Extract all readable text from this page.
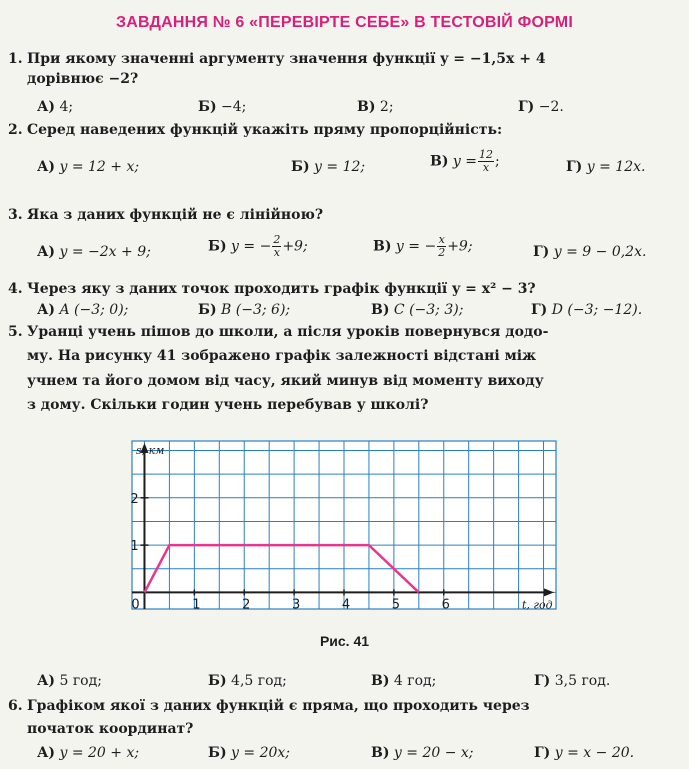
ЗАВДАННЯ № 6 «ПЕРЕВІРТЕ СЕБЕ» В ТЕСТОВІЙ ФОРМІ
1. При якому значенні аргументу значення функції y = −1,5x + 4
дорівнює −2?
А) 4;	Б) −4;	В) 2;	Г) −2.
2. Серед наведених функцій укажіть пряму пропорційність:
А) y = 12 + x;	Б) y = 12;	В) $y = \frac{12}{x}$ ;	Г) y = 12x.
3. Яка з даних функцій не є лінійною?
А) y = −2x + 9;	Б) y = − $\frac{2}{x} +9$;	В) y = − $\frac{x}{2} +9$;	Г) y = 9 − 0,2x.
4. Через яку з даних точок проходить графік функції y = x² − 3?
А) A (−3; 0);	Б) B (−3; 6);	В) C (−3; 3);	Г) D (−3; −12).
5. Уранці учень пішов до школи, а після уроків повернувся додо-
му. На рисунку 41 зображено графік залежності відстані між
учнем та його домом від часу, який минув від моменту виходу
з дому. Скільки годин учень перебував у школі?
0	1	2	3	4	5	6
1
2
s, км
t, год
Рис. 41
А) 5 год;	Б) 4,5 год;	В) 4 год;	Г) 3,5 год.
6. Графіком якої з даних функцій є пряма, що проходить через
початок координат?
А) y = 20 + x;	Б) y = 20x;	В) y = 20 − x;	Г) y = x − 20.
